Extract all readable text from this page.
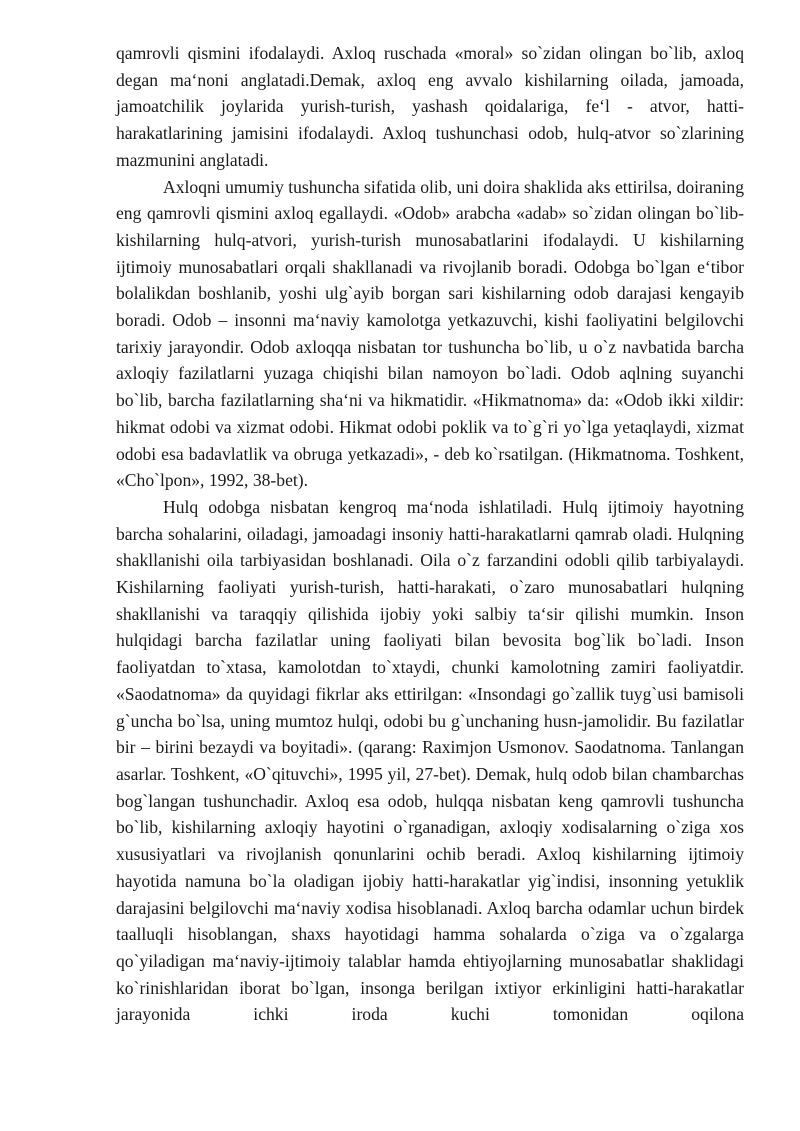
qamrovli qismini ifodalaydi. Axloq ruschada «moral» so`zidan olingan bo`lib, axloq degan ma‘noni anglatadi.Demak, axloq eng avvalo kishilarning oilada, jamoada, jamoatchilik joylarida yurish-turish, yashash qoidalariga, fe‘l - atvor, hatti-harakatlarining jamisini ifodalaydi. Axloq tushunchasi odob, hulq-atvor so`zlarining mazmunini anglatadi.

Axloqni umumiy tushuncha sifatida olib, uni doira shaklida aks ettirilsa, doiraning eng qamrovli qismini axloq egallaydi. «Odob» arabcha «adab» so`zidan olingan bo`lib-kishilarning hulq-atvori, yurish-turish munosabatlarini ifodalaydi. U kishilarning ijtimoiy munosabatlari orqali shakllanadi va rivojlanib boradi. Odobga bo`lgan e‘tibor bolalikdan boshlanib, yoshi ulg`ayib borgan sari kishilarning odob darajasi kengayib boradi. Odob – insonni ma‘naviy kamolotga yetkazuvchi, kishi faoliyatini belgilovchi tarixiy jarayondir. Odob axloqqa nisbatan tor tushuncha bo`lib, u o`z navbatida barcha axloqiy fazilatlarni yuzaga chiqishi bilan namoyon bo`ladi. Odob aqlning suyanchi bo`lib, barcha fazilatlarning sha‘ni va hikmatidir. «Hikmatnoma» da: «Odob ikki xildir: hikmat odobi va xizmat odobi. Hikmat odobi poklik va to`g`ri yo`lga yetaqlaydi, xizmat odobi esa badavlatlik va obruga yetkazadi», - deb ko`rsatilgan. (Hikmatnoma. Toshkent, «Cho`lpon», 1992, 38-bet).

Hulq odobga nisbatan kengroq ma‘noda ishlatiladi. Hulq ijtimoiy hayotning barcha sohalarini, oiladagi, jamoadagi insoniy hatti-harakatlarni qamrab oladi. Hulqning shakllanishi oila tarbiyasidan boshlanadi. Oila o`z farzandini odobli qilib tarbiyalaydi. Kishilarning faoliyati yurish-turish, hatti-harakati, o`zaro munosabatlari hulqning shakllanishi va taraqqiy qilishida ijobiy yoki salbiy ta‘sir qilishi mumkin. Inson hulqidagi barcha fazilatlar uning faoliyati bilan bevosita bog`lik bo`ladi. Inson faoliyatdan to`xtasa, kamolotdan to`xtaydi, chunki kamolotning zamiri faoliyatdir. «Saodatnoma» da quyidagi fikrlar aks ettirilgan: «Insondagi go`zallik tuyg`usi bamisoli g`uncha bo`lsa, uning mumtoz hulqi, odobi bu g`unchaning husn-jamolidir. Bu fazilatlar bir – birini bezaydi va boyitadi». (qarang: Raximjon Usmonov. Saodatnoma. Tanlangan asarlar. Toshkent, «O`qituvchi», 1995 yil, 27-bet). Demak, hulq odob bilan chambarchas bog`langan tushunchadir. Axloq esa odob, hulqqa nisbatan keng qamrovli tushuncha bo`lib, kishilarning axloqiy hayotini o`rganadigan, axloqiy xodisalarning o`ziga xos xususiyatlari va rivojlanish qonunlarini ochib beradi. Axloq kishilarning ijtimoiy hayotida namuna bo`la oladigan ijobiy hatti-harakatlar yig`indisi, insonning yetuklik darajasini belgilovchi ma‘naviy xodisa hisoblanadi. Axloq barcha odamlar uchun birdek taalluqli hisoblangan, shaxs hayotidagi hamma sohalarda o`ziga va o`zgalarga qo`yiladigan ma‘naviy-ijtimoiy talablar hamda ehtiyojlarning munosabatlar shaklidagi ko`rinishlaridan iborat bo`lgan, insonga berilgan ixtiyor erkinligini hatti-harakatlar jarayonida ichki iroda kuchi tomonidan oqilona
